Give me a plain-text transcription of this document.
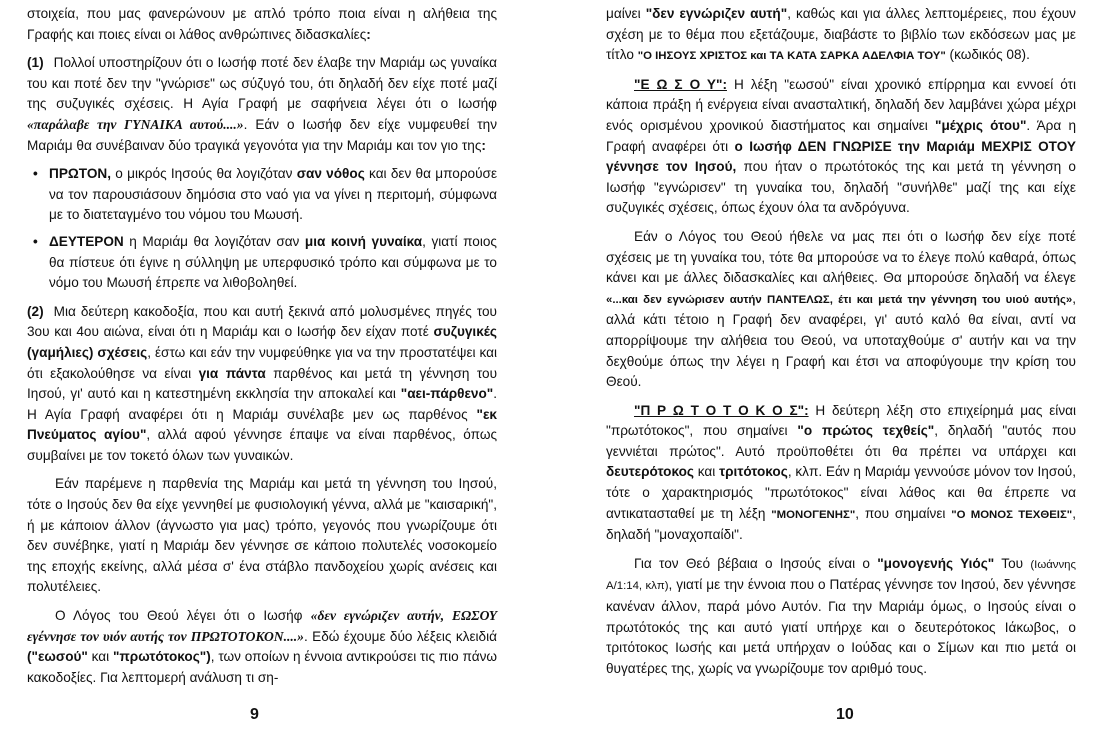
στοιχεία, που μας φανερώνουν με απλό τρόπο ποια είναι η αλήθεια της Γραφής και ποιες είναι οι λάθος ανθρώπινες διδασκαλίες:

(1) Πολλοί υποστηρίζουν ότι ο Ιωσήφ ποτέ δεν έλαβε την Μαριάμ ως γυναίκα του και ποτέ δεν την "γνώρισε" ως σύζυγό του, ότι δηλαδή δεν είχε ποτέ μαζί της συζυγικές σχέσεις. Η Αγία Γραφή με σαφήνεια λέγει ότι ο Ιωσήφ «παράλαβε την ΓΥΝΑΙΚΑ αυτού....». Εάν ο Ιωσήφ δεν είχε νυμφευθεί την Μαριάμ θα συνέβαιναν δύο τραγικά γεγονότα για την Μαριάμ και τον γιο της:

• ΠΡΩΤΟΝ, ο μικρός Ιησούς θα λογιζόταν σαν νόθος και δεν θα μπορούσε να τον παρουσιάσουν δημόσια στο ναό για να γίνει η περιτομή, σύμφωνα με το διατεταγμένο του νόμου του Μωυσή.
• ΔΕΥΤΕΡΟΝ η Μαριάμ θα λογιζόταν σαν μια κοινή γυναίκα, γιατί ποιος θα πίστευε ότι έγινε η σύλληψη με υπερφυσικό τρόπο και σύμφωνα με το νόμο του Μωυσή έπρεπε να λιθοβοληθεί.

(2) Μια δεύτερη κακοδοξία, που και αυτή ξεκινά από μολυσμένες πηγές του 3ου και 4ου αιώνα, είναι ότι η Μαριάμ και ο Ιωσήφ δεν είχαν ποτέ συζυγικές (γαμήλιες) σχέσεις, έστω και εάν την νυμφεύθηκε για να την προστατέψει και ότι εξακολούθησε να είναι για πάντα παρθένος και μετά τη γέννηση του Ιησού, γι' αυτό και η κατεστημένη εκκλησία την αποκαλεί και "αει-πάρθενο". Η Αγία Γραφή αναφέρει ότι η Μαριάμ συνέλαβε μεν ως παρθένος "εκ Πνεύματος αγίου", αλλά αφού γέννησε έπαψε να είναι παρθένος, όπως συμβαίνει με τον τοκετό όλων των γυναικών.

Εάν παρέμενε η παρθενία της Μαριάμ και μετά τη γέννηση του Ιησού, τότε ο Ιησούς δεν θα είχε γεννηθεί με φυσιολογική γέννα, αλλά με "καισαρική", ή με κάποιον άλλον (άγνωστο για μας) τρόπο, γεγονός που γνωρίζουμε ότι δεν συνέβηκε, γιατί η Μαριάμ δεν γέννησε σε κάποιο πολυτελές νοσοκομείο της εποχής εκείνης, αλλά μέσα σ' ένα στάβλο πανδοχείου χωρίς ανέσεις και πολυτέλειες.

Ο Λόγος του Θεού λέγει ότι ο Ιωσήφ «δεν εγνώριζεν αυτήν, ΕΩΣΟΥ εγέννησε τον υιόν αυτής τον ΠΡΩΤΟΤΟΚΟΝ....». Εδώ έχουμε δύο λέξεις κλειδιά ("εωσού" και "πρωτότοκος"), των οποίων η έννοια αντικρούσει τις πιο πάνω κακοδοξίες. Για λεπτομερή ανάλυση τι ση-

μαίνει "δεν εγνώριζεν αυτή", καθώς και για άλλες λεπτομέρειες, που έχουν σχέση με το θέμα που εξετάζουμε, διαβάστε το βιβλίο των εκδόσεων μας με τίτλο "Ο ΙΗΣΟΥΣ ΧΡΙΣΤΟΣ και ΤΑ ΚΑΤΑ ΣΑΡΚΑ ΑΔΕΛΦΙΑ ΤΟΥ" (κωδικός 08).

"Ε Ω Σ Ο Υ": Η λέξη "εωσού" είναι χρονικό επίρρημα και εννοεί ότι κάποια πράξη ή ενέργεια είναι ανασταλτική, δηλαδή δεν λαμβάνει χώρα μέχρι ενός ορισμένου χρονικού διαστήματος και σημαίνει "μέχρις ότου". Άρα η Γραφή αναφέρει ότι ο Ιωσήφ ΔΕΝ ΓΝΩΡΙΣΕ την Μαριάμ ΜΕΧΡΙΣ ΟΤΟΥ γέννησε τον Ιησού, που ήταν ο πρωτότοκός της και μετά τη γέννηση ο Ιωσήφ "εγνώρισεν" τη γυναίκα του, δηλαδή "συνήλθε" μαζί της και είχε συζυγικές σχέσεις, όπως έχουν όλα τα ανδρόγυνα.

Εάν ο Λόγος του Θεού ήθελε να μας πει ότι ο Ιωσήφ δεν είχε ποτέ σχέσεις με τη γυναίκα του, τότε θα μπορούσε να το έλεγε πολύ καθαρά, όπως κάνει και με άλλες διδασκαλίες και αλήθειες. Θα μπορούσε δηλαδή να έλεγε «...και δεν εγνώρισεν αυτήν ΠΑΝΤΕΛΩΣ, έτι και μετά την γέννηση του υιού αυτής», αλλά κάτι τέτοιο η Γραφή δεν αναφέρει, γι' αυτό καλό θα είναι, αντί να απορρίψουμε την αλήθεια του Θεού, να υποταχθούμε σ' αυτήν και να την δεχθούμε όπως την λέγει η Γραφή και έτσι να αποφύγουμε την κρίση του Θεού.

"Π Ρ Ω Τ Ο Τ Ο Κ Ο Σ": Η δεύτερη λέξη στο επιχείρημά μας είναι "πρωτότοκος", που σημαίνει "ο πρώτος τεχθείς", δηλαδή "αυτός που γεννιέται πρώτος". Αυτό προϋποθέτει ότι θα πρέπει να υπάρχει και δευτερότοκος και τριτότοκος, κλπ. Εάν η Μαριάμ γεννούσε μόνον τον Ιησού, τότε ο χαρακτηρισμός "πρωτότοκος" είναι λάθος και θα έπρεπε να αντικατασταθεί με τη λέξη "ΜΟΝΟΓΕΝΗΣ", που σημαίνει "Ο ΜΟΝΟΣ ΤΕΧΘΕΙΣ", δηλαδή "μοναχοπαίδι".

Για τον Θεό βέβαια ο Ιησούς είναι ο "μονογενής Υιός" Του (Ιωάννης Α/1:14, κλπ), γιατί με την έννοια που ο Πατέρας γέννησε τον Ιησού, δεν γέννησε κανέναν άλλον, παρά μόνο Αυτόν. Για την Μαριάμ όμως, ο Ιησούς είναι ο πρωτότοκός της και αυτό γιατί υπήρχε και ο δευτερότοκος Ιάκωβος, ο τριτότοκος Ιωσής και μετά υπήρχαν ο Ιούδας και ο Σίμων και πιο μετά οι θυγατέρες της, χωρίς να γνωρίζουμε τον αριθμό τους.

9	10
